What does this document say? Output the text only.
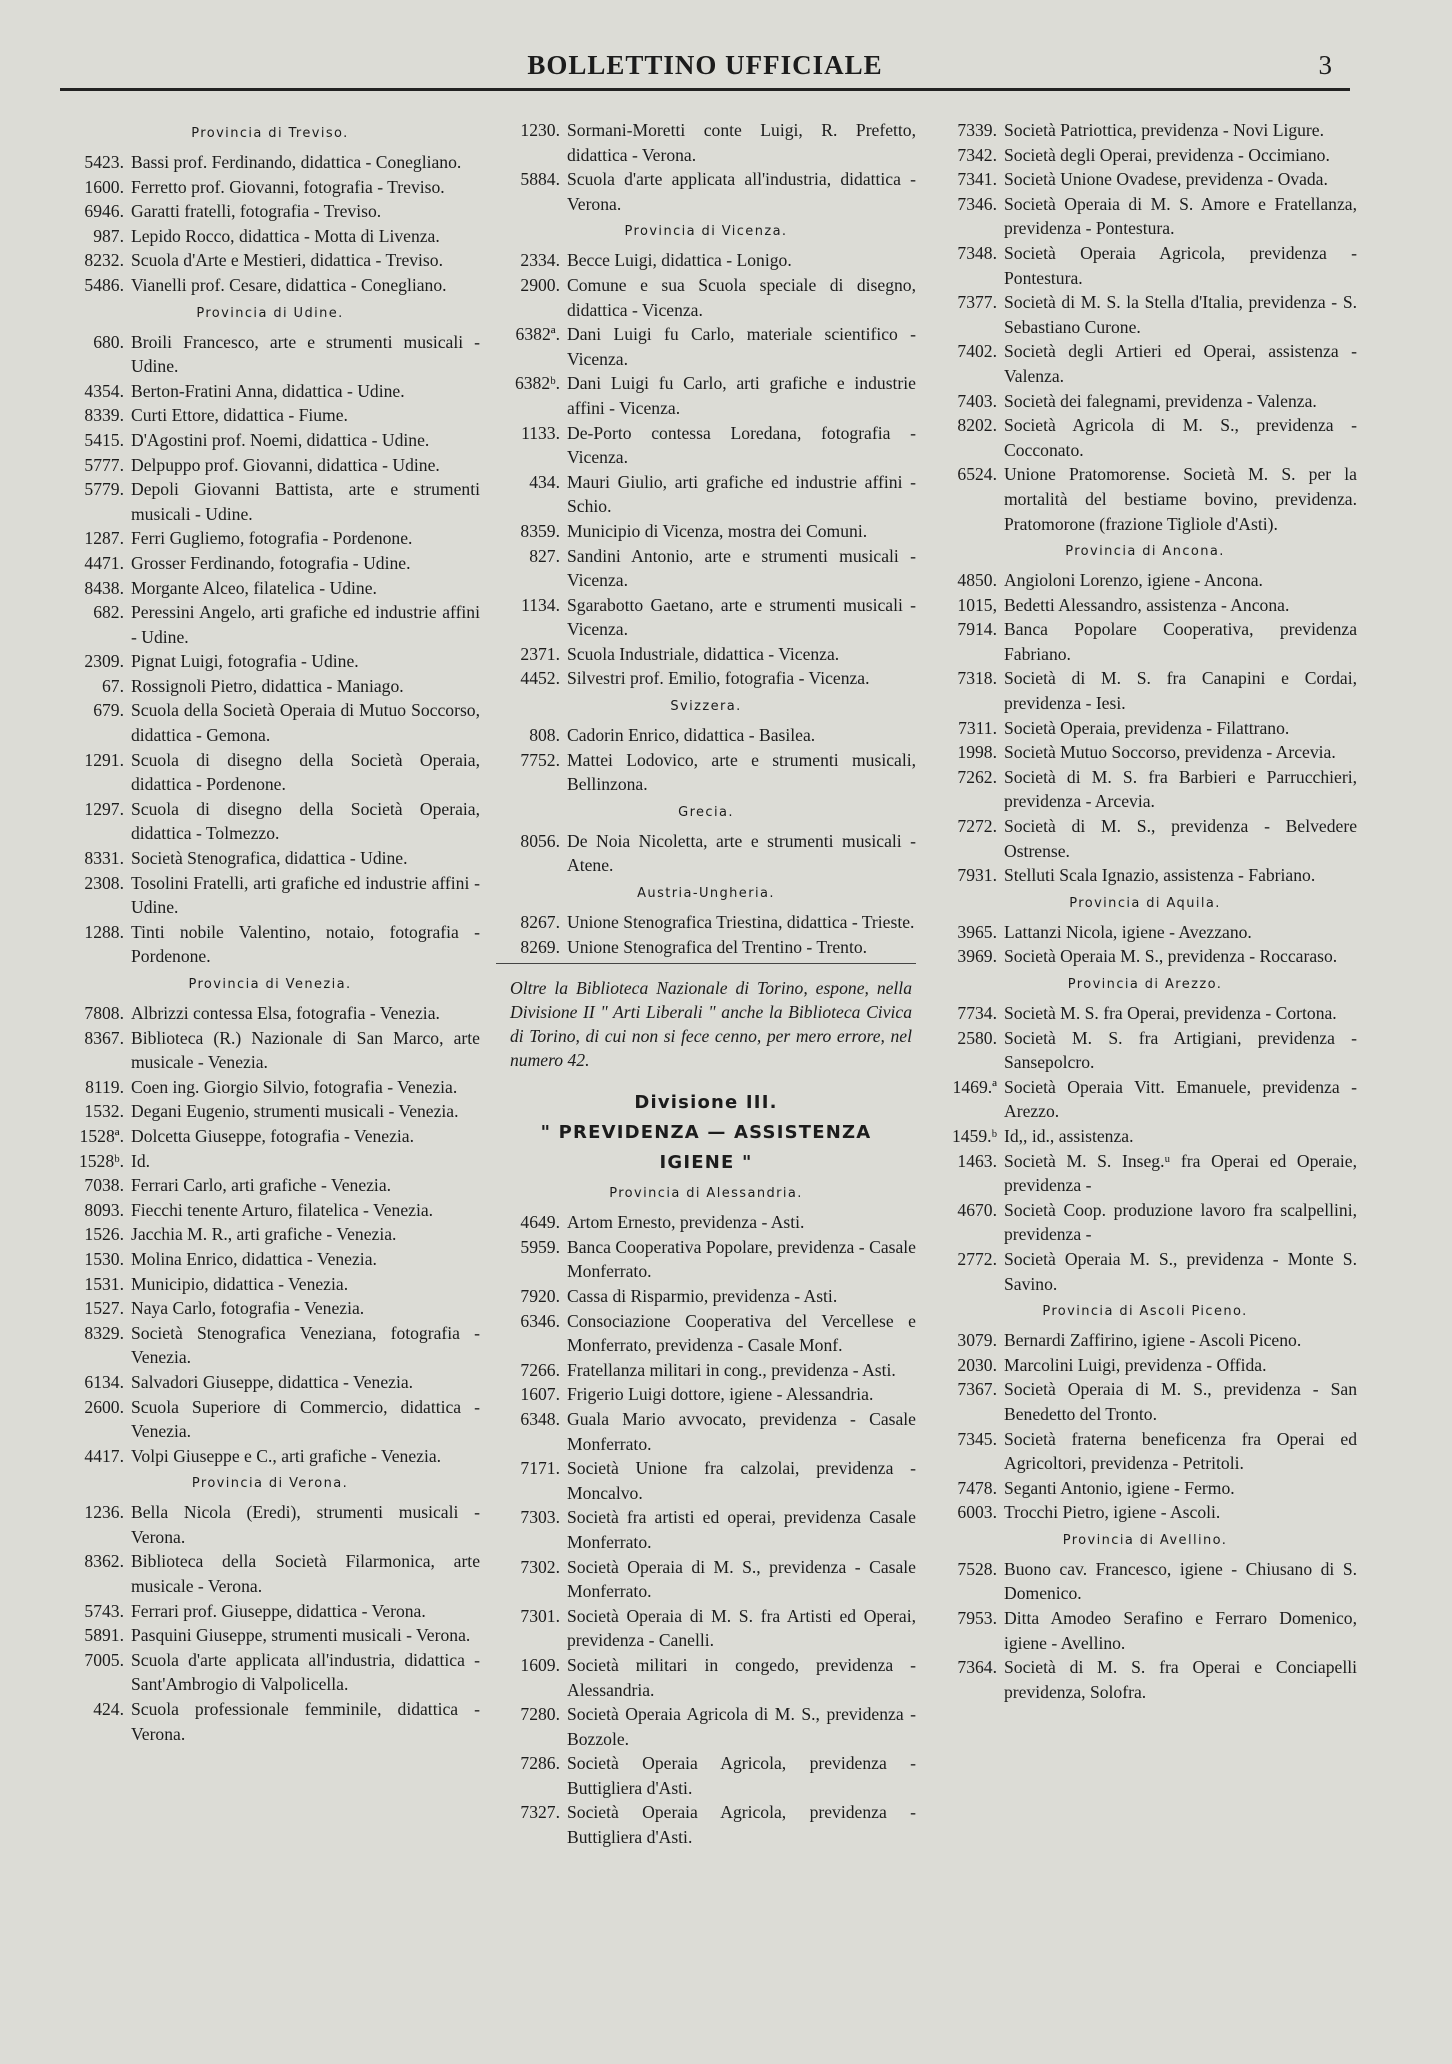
BOLLETTINO UFFICIALE	3
Provincia di Treviso.
5423. Bassi prof. Ferdinando, didattica - Conegliano.
1600. Ferretto prof. Giovanni, fotografia - Treviso.
6946. Garatti fratelli, fotografia - Treviso.
987. Lepido Rocco, didattica - Motta di Livenza.
8232. Scuola d'Arte e Mestieri, didattica - Treviso.
5486. Vianelli prof. Cesare, didattica - Conegliano.
Provincia di Udine.
680. Broili Francesco, arte e strumenti musicali - Udine.
4354. Berton-Fratini Anna, didattica - Udine.
8339. Curti Ettore, didattica - Fiume.
5415. D'Agostini prof. Noemi, didattica - Udine.
5777. Delpuppo prof. Giovanni, didattica - Udine.
5779. Depoli Giovanni Battista, arte e strumenti musicali - Udine.
1287. Ferri Gugliemo, fotografia - Pordenone.
4471. Grosser Ferdinando, fotografia - Udine.
8438. Morgante Alceo, filatelica - Udine.
682. Peressini Angelo, arti grafiche ed industrie affini - Udine.
2309. Pignat Luigi, fotografia - Udine.
67. Rossignoli Pietro, didattica - Maniago.
679. Scuola della Società Operaia di Mutuo Soccorso, didattica - Gemona.
1291. Scuola di disegno della Società Operaia, didattica - Pordenone.
1297. Scuola di disegno della Società Operaia, didattica - Tolmezzo.
8331. Società Stenografica, didattica - Udine.
2308. Tosolini Fratelli, arti grafiche ed industrie affini - Udine.
1288. Tinti nobile Valentino, notaio, fotografia - Pordenone.
Provincia di Venezia.
7808. Albrizzi contessa Elsa, fotografia - Venezia.
8367. Biblioteca (R.) Nazionale di San Marco, arte musicale - Venezia.
8119. Coen ing. Giorgio Silvio, fotografia - Venezia.
1532. Degani Eugenio, strumenti musicali - Venezia.
1528ª. Dolcetta Giuseppe, fotografia - Venezia.
1528ᵇ. Id.
7038. Ferrari Carlo, arti grafiche - Venezia.
8093. Fiecchi tenente Arturo, filatelica - Venezia.
1526. Jacchia M. R., arti grafiche - Venezia.
1530. Molina Enrico, didattica - Venezia.
1531. Municipio, didattica - Venezia.
1527. Naya Carlo, fotografia - Venezia.
8329. Società Stenografica Veneziana, fotografia - Venezia.
6134. Salvadori Giuseppe, didattica - Venezia.
2600. Scuola Superiore di Commercio, didattica - Venezia.
4417. Volpi Giuseppe e C., arti grafiche - Venezia.
Provincia di Verona.
1236. Bella Nicola (Eredi), strumenti musicali - Verona.
8362. Biblioteca della Società Filarmonica, arte musicale - Verona.
5743. Ferrari prof. Giuseppe, didattica - Verona.
5891. Pasquini Giuseppe, strumenti musicali - Verona.
7005. Scuola d'arte applicata all'industria, didattica - Sant'Ambrogio di Valpolicella.
424. Scuola professionale femminile, didattica - Verona.
1230. Sormani-Moretti conte Luigi, R. Prefetto, didattica - Verona.
5884. Scuola d'arte applicata all'industria, didattica - Verona.
Provincia di Vicenza.
2334. Becce Luigi, didattica - Lonigo.
2900. Comune e sua Scuola speciale di disegno, didattica - Vicenza.
6382ª. Dani Luigi fu Carlo, materiale scientifico - Vicenza.
6382ᵇ. Dani Luigi fu Carlo, arti grafiche e industrie affini - Vicenza.
1133. De-Porto contessa Loredana, fotografia - Vicenza.
434. Mauri Giulio, arti grafiche ed industrie affini - Schio.
8359. Municipio di Vicenza, mostra dei Comuni.
827. Sandini Antonio, arte e strumenti musicali - Vicenza.
1134. Sgarabotto Gaetano, arte e strumenti musicali - Vicenza.
2371. Scuola Industriale, didattica - Vicenza.
4452. Silvestri prof. Emilio, fotografia - Vicenza.
Svizzera.
808. Cadorin Enrico, didattica - Basilea.
7752. Mattei Lodovico, arte e strumenti musicali, Bellinzona.
Grecia.
8056. De Noia Nicoletta, arte e strumenti musicali - Atene.
Austria-Ungheria.
8267. Unione Stenografica Triestina, didattica - Trieste.
8269. Unione Stenografica del Trentino - Trento.
Oltre la Biblioteca Nazionale di Torino, espone, nella Divisione II " Arti Liberali " anche la Biblioteca Civica di Torino, di cui non si fece cenno, per mero errore, nel numero 42.
Divisione III.
" PREVIDENZA — ASSISTENZA
IGIENE "
Provincia di Alessandria.
4649. Artom Ernesto, previdenza - Asti.
5959. Banca Cooperativa Popolare, previdenza - Casale Monferrato.
7920. Cassa di Risparmio, previdenza - Asti.
6346. Consociazione Cooperativa del Vercellese e Monferrato, previdenza - Casale Monf.
7266. Fratellanza militari in cong., previdenza - Asti.
1607. Frigerio Luigi dottore, igiene - Alessandria.
6348. Guala Mario avvocato, previdenza - Casale Monferrato.
7171. Società Unione fra calzolai, previdenza - Moncalvo.
7303. Società fra artisti ed operai, previdenza Casale Monferrato.
7302. Società Operaia di M. S., previdenza - Casale Monferrato.
7301. Società Operaia di M. S. fra Artisti ed Operai, previdenza - Canelli.
1609. Società militari in congedo, previdenza - Alessandria.
7280. Società Operaia Agricola di M. S., previdenza - Bozzole.
7286. Società Operaia Agricola, previdenza - Buttigliera d'Asti.
7327. Società Operaia Agricola, previdenza - Buttigliera d'Asti.
7339. Società Patriottica, previdenza - Novi Ligure.
7342. Società degli Operai, previdenza - Occimiano.
7341. Società Unione Ovadese, previdenza - Ovada.
7346. Società Operaia di M. S. Amore e Fratellanza, previdenza - Pontestura.
7348. Società Operaia Agricola, previdenza - Pontestura.
7377. Società di M. S. la Stella d'Italia, previdenza - S. Sebastiano Curone.
7402. Società degli Artieri ed Operai, assistenza - Valenza.
7403. Società dei falegnami, previdenza - Valenza.
8202. Società Agricola di M. S., previdenza - Cocconato.
6524. Unione Pratomorense. Società M. S. per la mortalità del bestiame bovino, previdenza. Pratomorone (frazione Tigliole d'Asti).
Provincia di Ancona.
4850. Angioloni Lorenzo, igiene - Ancona.
1015, Bedetti Alessandro, assistenza - Ancona.
7914. Banca Popolare Cooperativa, previdenza Fabriano.
7318. Società di M. S. fra Canapini e Cordai, previdenza - Iesi.
7311. Società Operaia, previdenza - Filattrano.
1998. Società Mutuo Soccorso, previdenza - Arcevia.
7262. Società di M. S. fra Barbieri e Parrucchieri, previdenza - Arcevia.
7272. Società di M. S., previdenza - Belvedere Ostrense.
7931. Stelluti Scala Ignazio, assistenza - Fabriano.
Provincia di Aquila.
3965. Lattanzi Nicola, igiene - Avezzano.
3969. Società Operaia M. S., previdenza - Roccaraso.
Provincia di Arezzo.
7734. Società M. S. fra Operai, previdenza - Cortona.
2580. Società M. S. fra Artigiani, previdenza - Sansepolcro.
1469.ª Società Operaia Vitt. Emanuele, previdenza - Arezzo.
1459.ᵇ Id,, id., assistenza.
1463. Società M. S. Inseg.ᵘ fra Operai ed Operaie, previdenza -
4670. Società Coop. produzione lavoro fra scalpellini, previdenza -
2772. Società Operaia M. S., previdenza - Monte S. Savino.
Provincia di Ascoli Piceno.
3079. Bernardi Zaffirino, igiene - Ascoli Piceno.
2030. Marcolini Luigi, previdenza - Offida.
7367. Società Operaia di M. S., previdenza - San Benedetto del Tronto.
7345. Società fraterna beneficenza fra Operai ed Agricoltori, previdenza - Petritoli.
7478. Seganti Antonio, igiene - Fermo.
6003. Trocchi Pietro, igiene - Ascoli.
Provincia di Avellino.
7528. Buono cav. Francesco, igiene - Chiusano di S. Domenico.
7953. Ditta Amodeo Serafino e Ferraro Domenico, igiene - Avellino.
7364. Società di M. S. fra Operai e Conciapelli previdenza, Solofra.
